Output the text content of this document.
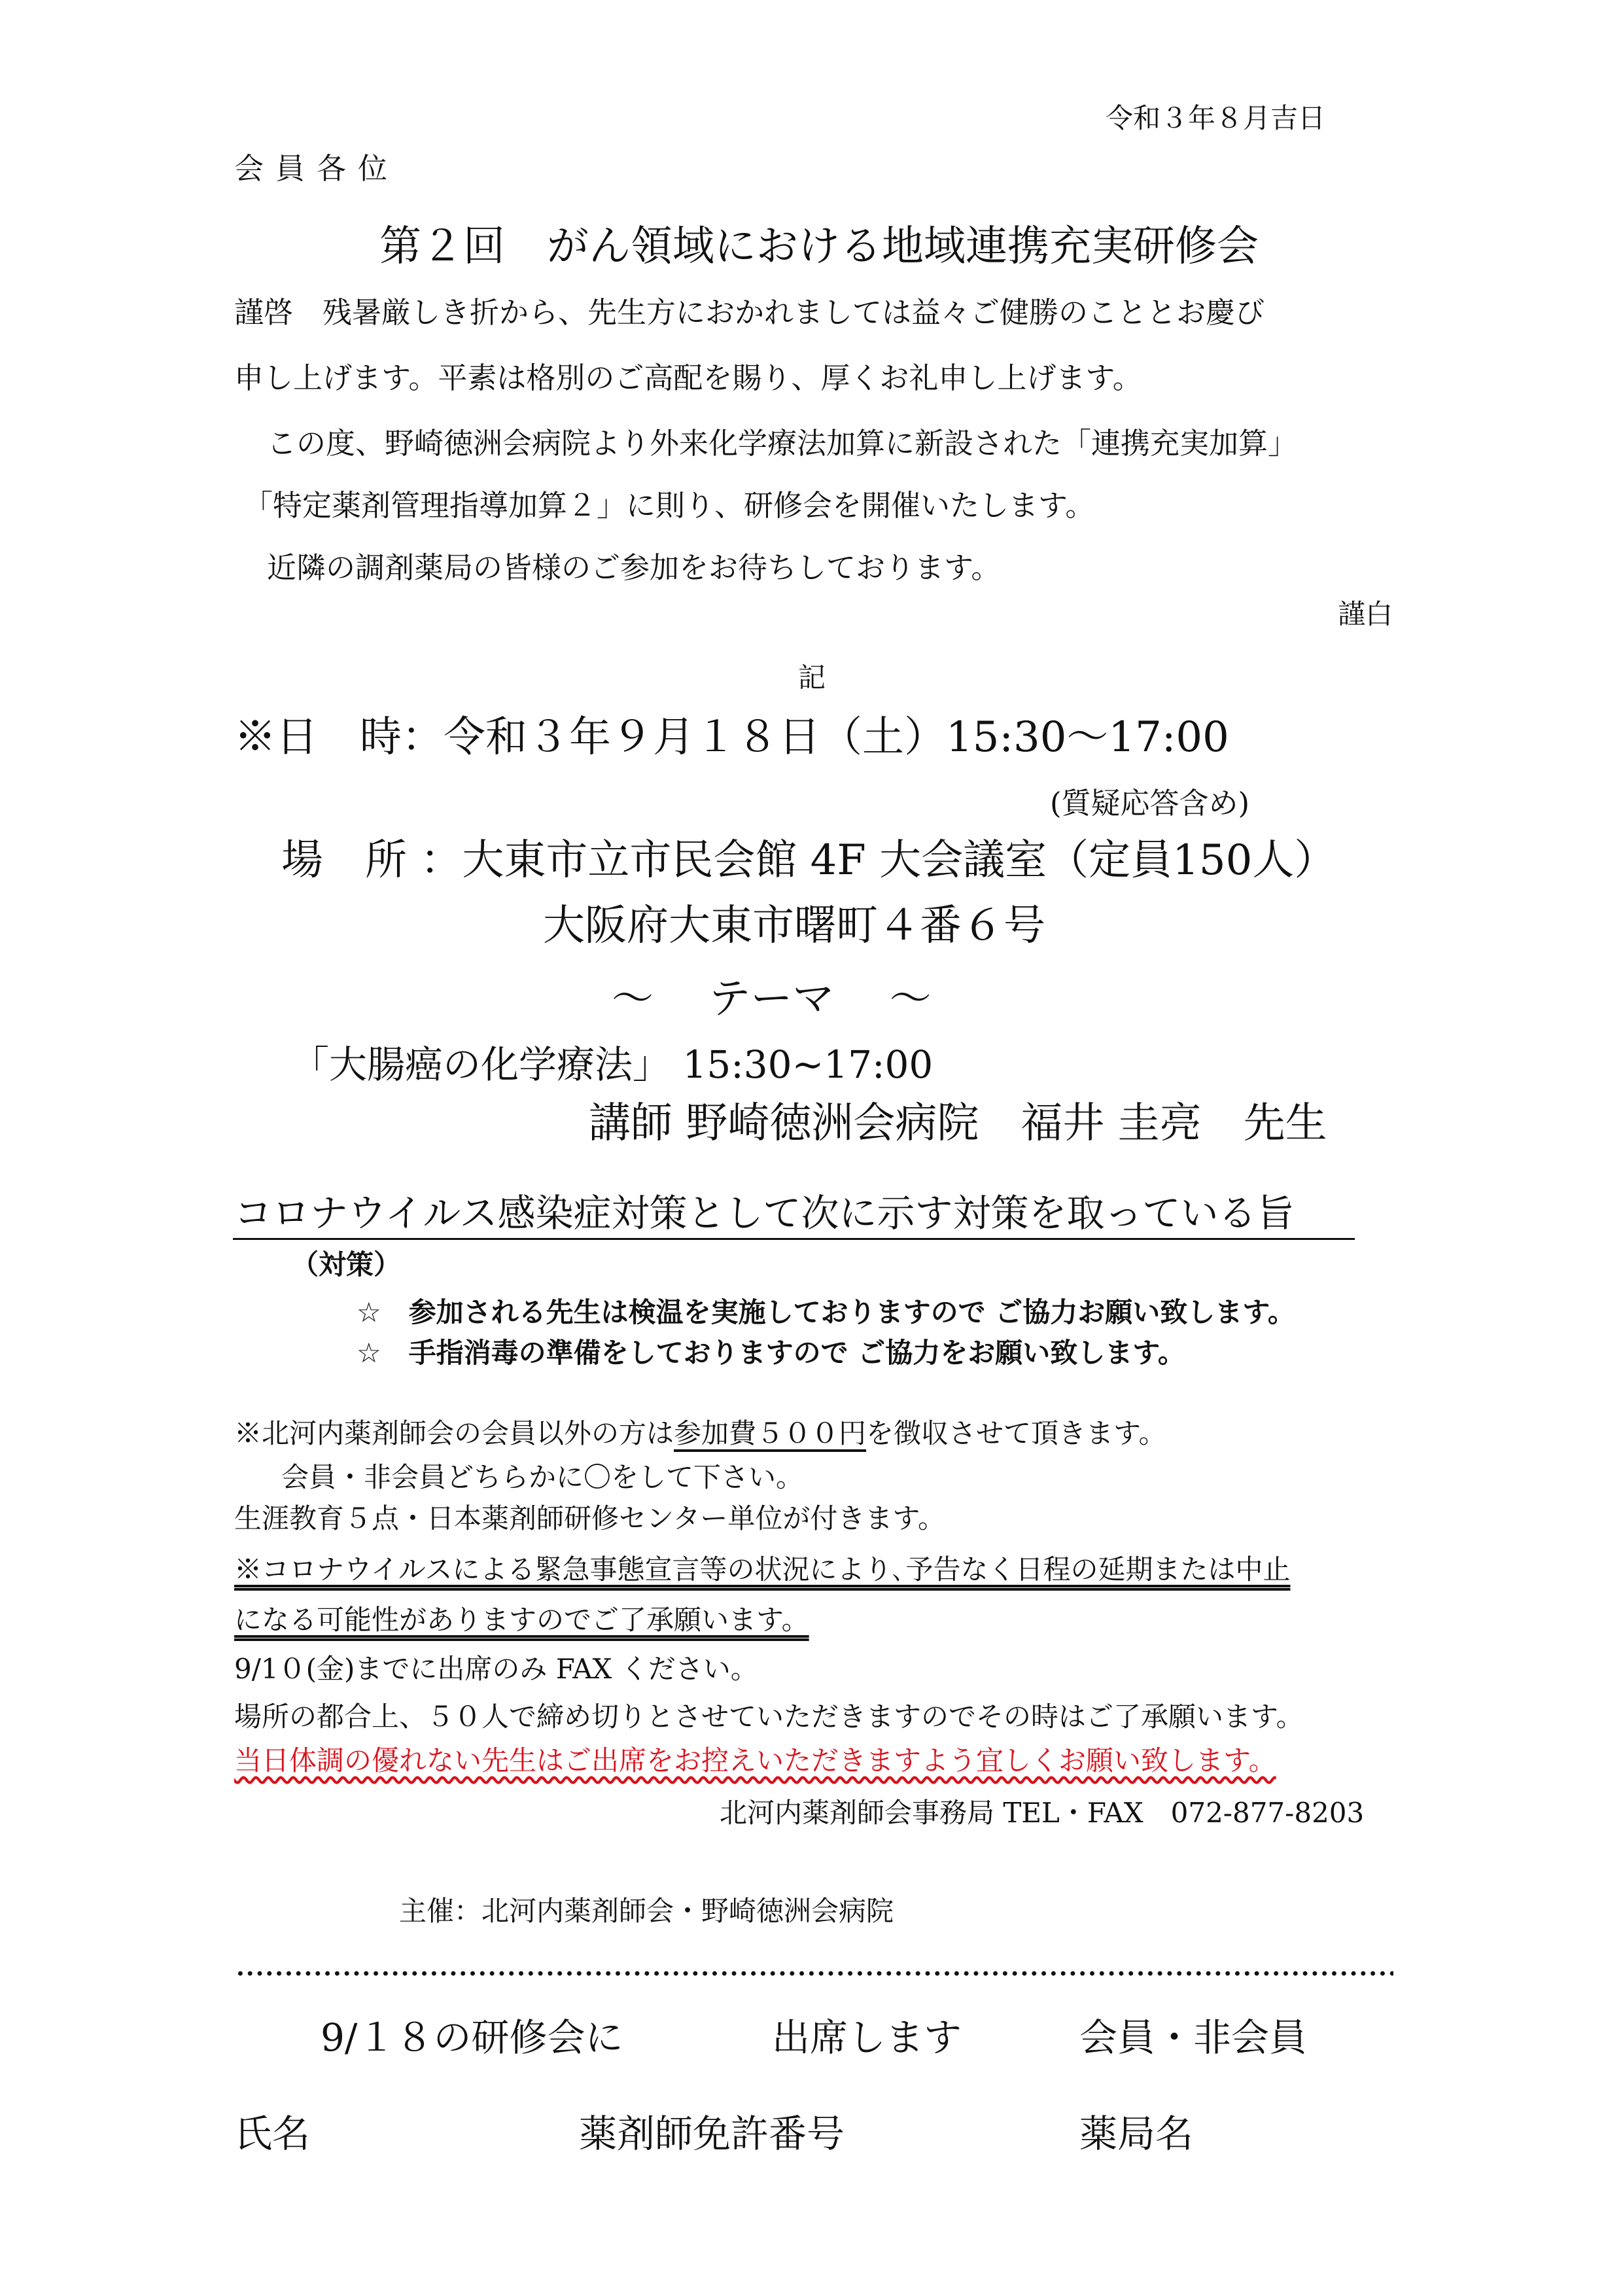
令和３年８月吉日
会員各位
第２回　がん領域における地域連携充実研修会
謹啓　残暑厳しき折から、先生方におかれましては益々ご健勝のこととお慶び
申し上げます。平素は格別のご高配を賜り、厚くお礼申し上げます。
この度、野崎徳洲会病院より外来化学療法加算に新設された「連携充実加算」
「特定薬剤管理指導加算２」に則り、研修会を開催いたします。
近隣の調剤薬局の皆様のご参加をお待ちしております。
謹白
記
※日　時：令和３年９月１８日（土）15:30～17:00
(質疑応答含め)
場　所 ：大東市立市民会館 4F 大会議室（定員150人）
大阪府大東市曙町４番６号
～　 テーマ　 ～
「大腸癌の化学療法」 15:30~17:00
講師 野崎徳洲会病院　福井 圭亮　先生
コロナウイルス感染症対策として次に示す対策を取っている旨
（対策）
☆　参加される先生は検温を実施しておりますので ご協力お願い致します。
☆　手指消毒の準備をしておりますので ご協力をお願い致します。
※北河内薬剤師会の会員以外の方は参加費５００円を徴収させて頂きます。
会員・非会員どちらかに〇をして下さい。
生涯教育５点・日本薬剤師研修センター単位が付きます。
※コロナウイルスによる緊急事態宣言等の状況により､予告なく日程の延期または中止
になる可能性がありますのでご了承願います。
9/1０(金)までに出席のみ FAX ください。
場所の都合上、５０人で締め切りとさせていただきますのでその時はご了承願います。
当日体調の優れない先生はご出席をお控えいただきますよう宜しくお願い致します。
北河内薬剤師会事務局 TEL・FAX　072-877-8203
主催：北河内薬剤師会・野崎徳洲会病院
9/１８の研修会に	出席します	会員・非会員
氏名	薬剤師免許番号	薬局名
